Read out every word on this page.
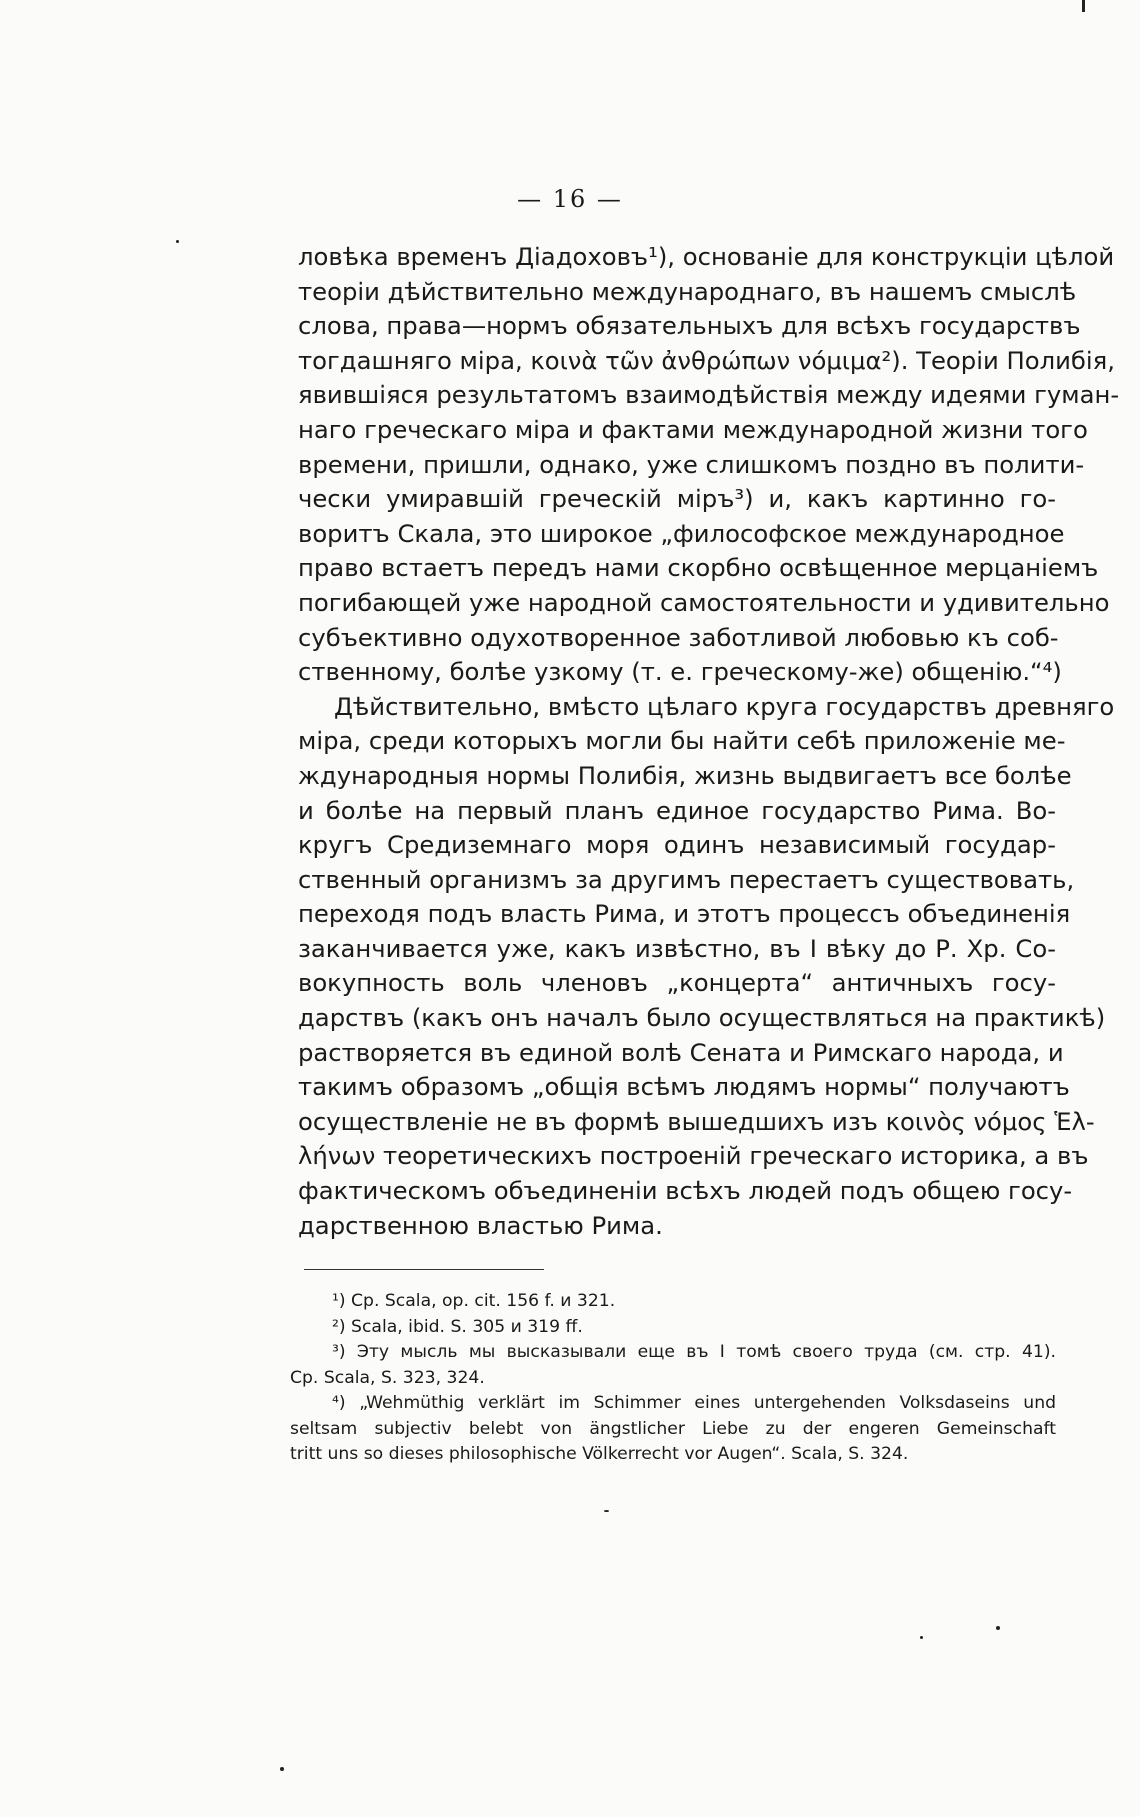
— 16 —
ловѣка временъ Діадоховъ¹), основаніе для конструкціи цѣлой
теоріи дѣйствительно международнаго, въ нашемъ смыслѣ
слова, права—нормъ обязательныхъ для всѣхъ государствъ
тогдашняго міра, κοινὰ τῶν ἀνθρώπων νόμιμα²). Теоріи Полибія,
явившіяся результатомъ взаимодѣйствія между идеями гуман-
наго греческаго міра и фактами международной жизни того
времени, пришли, однако, уже слишкомъ поздно въ полити-
чески умиравшій греческій міръ³) и, какъ картинно го-
воритъ Скала, это широкое „философское международное
право встаетъ передъ нами скорбно освѣщенное мерцаніемъ
погибающей уже народной самостоятельности и удивительно
субъективно одухотворенное заботливой любовью къ соб-
ственному, болѣе узкому (т. е. греческому-же) общенію.“⁴)
Дѣйствительно, вмѣсто цѣлаго круга государствъ древняго
міра, среди которыхъ могли бы найти себѣ приложеніе ме-
ждународныя нормы Полибія, жизнь выдвигаетъ все болѣе
и болѣе на первый планъ единое государство Рима. Во-
кругъ Средиземнаго моря одинъ независимый государ-
ственный организмъ за другимъ перестаетъ существовать,
переходя подъ власть Рима, и этотъ процессъ объединенія
заканчивается уже, какъ извѣстно, въ I вѣку до Р. Хр. Со-
вокупность воль членовъ „концерта“ античныхъ госу-
дарствъ (какъ онъ началъ было осуществляться на практикѣ)
растворяется въ единой волѣ Сената и Римскаго народа, и
такимъ образомъ „общія всѣмъ людямъ нормы“ получаютъ
осуществленіе не въ формѣ вышедшихъ изъ κοινὸς νόμος Ἑλ-
λήνων теоретическихъ построеній греческаго историка, а въ
фактическомъ объединеніи всѣхъ людей подъ общею госу-
дарственною властью Рима.
¹) Cp. Scala, op. cit. 156 f. и 321.
²) Scala, ibid. S. 305 и 319 ff.
³) Эту мысль мы высказывали еще въ I томѣ своего труда (см. стр. 41).
Cp. Scala, S. 323, 324.
⁴) „Wehmüthig verklärt im Schimmer eines untergehenden Volksdaseins und
seltsam subjectiv belebt von ängstlicher Liebe zu der engeren Gemeinschaft
tritt uns so dieses philosophische Völkerrecht vor Augen“. Scala, S. 324.
